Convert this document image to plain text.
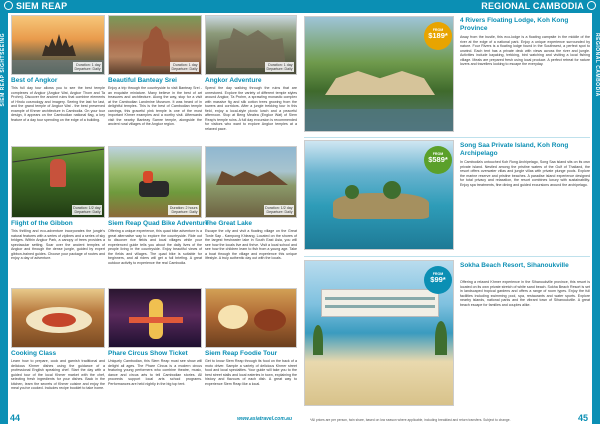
SIEM REAP
SIEM REAP SIGHTSEEING	Duration: 1 day
Departure: Daily
Best of Angkor
This full day tour allows you to see the best temple complexes of Angkor (Angkor Wat, Angkor Thom and Ta Prohm). Discover the ancient ruins that combine elements of Hindu cosmology and imagery. Seeing the last for last, and the grand temple of Angkor Wat - the best preserved example of Khmer architecture in Cambodia. On your tour design, it appears on the Cambodian national flag, a key feature of a day tour spending on the edge of a building.
Duration: 1 day
Departure: Daily
Beautiful Banteay Srei
Enjoy a trip through the countryside to visit Banteay Srei - an exquisite miniature. Many believe in the best of art treasures and architecture. Along the way, stop for a visit at the Cambodian Landmine Museum. It was heard of in delightful temples. This is the best of Cambodian temple carvings, this graceful pink temple is one of the most important Khmer examples and a worthy visit. Afterwards visit the nearby Banteay Samre temple, alongside the ancient rural villages of the Angkor region.
Duration: 1 day
Departure: Daily
Angkor Adventure
Spend the day walking through the ruins that are unrestored. Explore the variety of different temple styles around Angkor, Ta Prohm, a sprawling monastic complex with massive fig and silk cotton trees growing from the towers and corridors. After a jungle trekking tour in this field, enjoy a local-style picnic lunch and a peaceful afternoon. Stop at Beng Mealea (Engkor Wat) of Siem Reap's temple ruins. A full day excursion is recommended for visitors who want to explore Angkor temples at a relaxed pace.
Duration: 1/2 day
Departure: Daily
Flight of the Gibbon
This thrilling and eco-adventure incorporates the jungle's natural features with a series of ziplines and a series of sky bridges. Within Angkor Park, a canopy of trees provides a spectacular setting. Soar over the ancient temples of Angkor and through the dense jungle, guided by expert gibbon-trained guides. Choose your package of routes and enjoy a day of adventure.
Duration: 2 hours
Departure: Daily
Siem Reap Quad Bike Adventure
Offering a unique experience, this quad bike adventure is a great alternative way to explore the countryside. Ride out to discover rice fields and local villages while your experienced guide tells you about the daily lives of the people living in the countryside. Enjoy beautiful views of the fields and villages. The quad bike is suitable for beginners, and all riders will get a full briefing. A great outdoor activity to experience the real Cambodia.
Duration: 1/2 day
Departure: Daily
The Great Lake
Escape the city and visit a floating village on the Great Tonle Sap - Kampong Khleang. Located on the shores of the largest freshwater lake in South East Asia, you will see how the locals live and thrive. Visit a local school and see how the children learn to fish from a young age. Take a boat through the village and experience this unique lifestyle. A truly authentic day out with the locals.
Cooking Class
Learn how to prepare, cook and garnish traditional and delicious Khmer dishes using the guidance of a professional English speaking chef. Start the day with a guided tour of the local Khmer market with the chef, selecting fresh ingredients for your dishes. Back in the kitchen, learn the secrets of Khmer cuisine and enjoy the meal you've cooked. Includes recipe booklet to take home.
Phare Circus Show Ticket
Uniquely Cambodian, this Siem Reap must see show will delight all ages. The Phare Circus is a modern circus featuring young performers who combine theatre, music, dance and circus arts to tell Cambodian stories. All proceeds support local arts school programs. Performances are held nightly in the big top tent.
Siem Reap Foodie Tour
Get to know Siem Reap through its food on the back of a moto driver. Sample a variety of delicious Khmer street food and local specialties. Your guide will take you to the best street stalls and local eateries in town, explaining the history and flavours of each dish. A great way to experience Siem Reap like a local.
44	www.asiatravel.com.au
REGIONAL CAMBODIA
REGIONAL CAMBODIA
FROM
$189*
4 Rivers Floating Lodge, Koh Kong Province
Away from the bustle, this eco-lodge is a floating campsite in the middle of the river at the edge of a national park. Enjoy a unique experience surrounded by nature. Four Rivers is a floating lodge found in the Southwest, a perfect spot to unwind. Each tent has a private deck with views across the river and jungle. Activities include kayaking, trekking, bird watching and visiting a local fishing village. Meals are prepared fresh using local produce. A perfect retreat for nature lovers and travellers looking to escape the everyday.
FROM
$589*
Song Saa Private Island, Koh Rong Archipelago
In Cambodia's untouched Koh Rong Archipelago, Song Saa island sits on its own private island. Nestled among the pristine waters of the Gulf of Thailand, the resort offers overwater villas and jungle villas with private plunge pools. Explore the marine reserve and pristine beaches. A paradise island experience designed for total privacy and relaxation, the resort combines luxury with sustainability. Enjoy spa treatments, fine dining and guided excursions around the archipelago.
FROM
$99*
Sokha Beach Resort, Sihanoukville
Offering a relaxed Khmer experience in the Sihanoukville province, this resort is located on its own private stretch of white sand beach. Sokha Beach Resort is set in landscaped tropical gardens and offers a range of room types. Enjoy the full facilities including swimming pool, spa, restaurants and water sports. Explore nearby islands, national parks and the vibrant town of Sihanoukville. A great beach escape for families and couples alike.
*All prices are per person, twin share, based on low season where applicable, including breakfast and return transfers. Subject to change.	45
